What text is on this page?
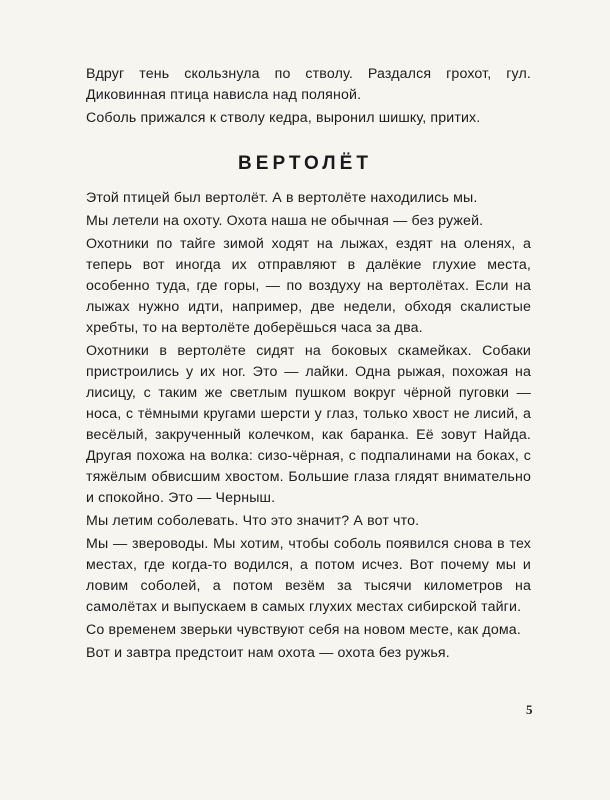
Вдруг тень скользнула по стволу. Раздался грохот, гул. Диковинная птица нависла над поляной.

Соболь прижался к стволу кедра, выронил шишку, притих.

ВЕРТОЛЁТ

Этой птицей был вертолёт. А в вертолёте находились мы.

Мы летели на охоту. Охота наша не обычная — без ружей.

Охотники по тайге зимой ходят на лыжах, ездят на оленях, а теперь вот иногда их отправляют в далёкие глухие места, особенно туда, где горы, — по воздуху на вертолётах. Если на лыжах нужно идти, например, две недели, обходя скалистые хребты, то на вертолёте доберёшься часа за два.

Охотники в вертолёте сидят на боковых скамейках. Собаки пристроились у их ног. Это — лайки. Одна рыжая, похожая на лисицу, с таким же светлым пушком вокруг чёрной пуговки — носа, с тёмными кругами шерсти у глаз, только хвост не лисий, а весёлый, закрученный колечком, как баранка. Её зовут Найда. Другая похожа на волка: сизо-чёрная, с подпалинами на боках, с тяжёлым обвисшим хвостом. Большие глаза глядят внимательно и спокойно. Это — Черныш.

Мы летим соболевать. Что это значит? А вот что.

Мы — звероводы. Мы хотим, чтобы соболь появился снова в тех местах, где когда-то водился, а потом исчез. Вот почему мы и ловим соболей, а потом везём за тысячи километров на самолётах и выпускаем в самых глухих местах сибирской тайги.

Со временем зверьки чувствуют себя на новом месте, как дома.

Вот и завтра предстоит нам охота — охота без ружья.

5
